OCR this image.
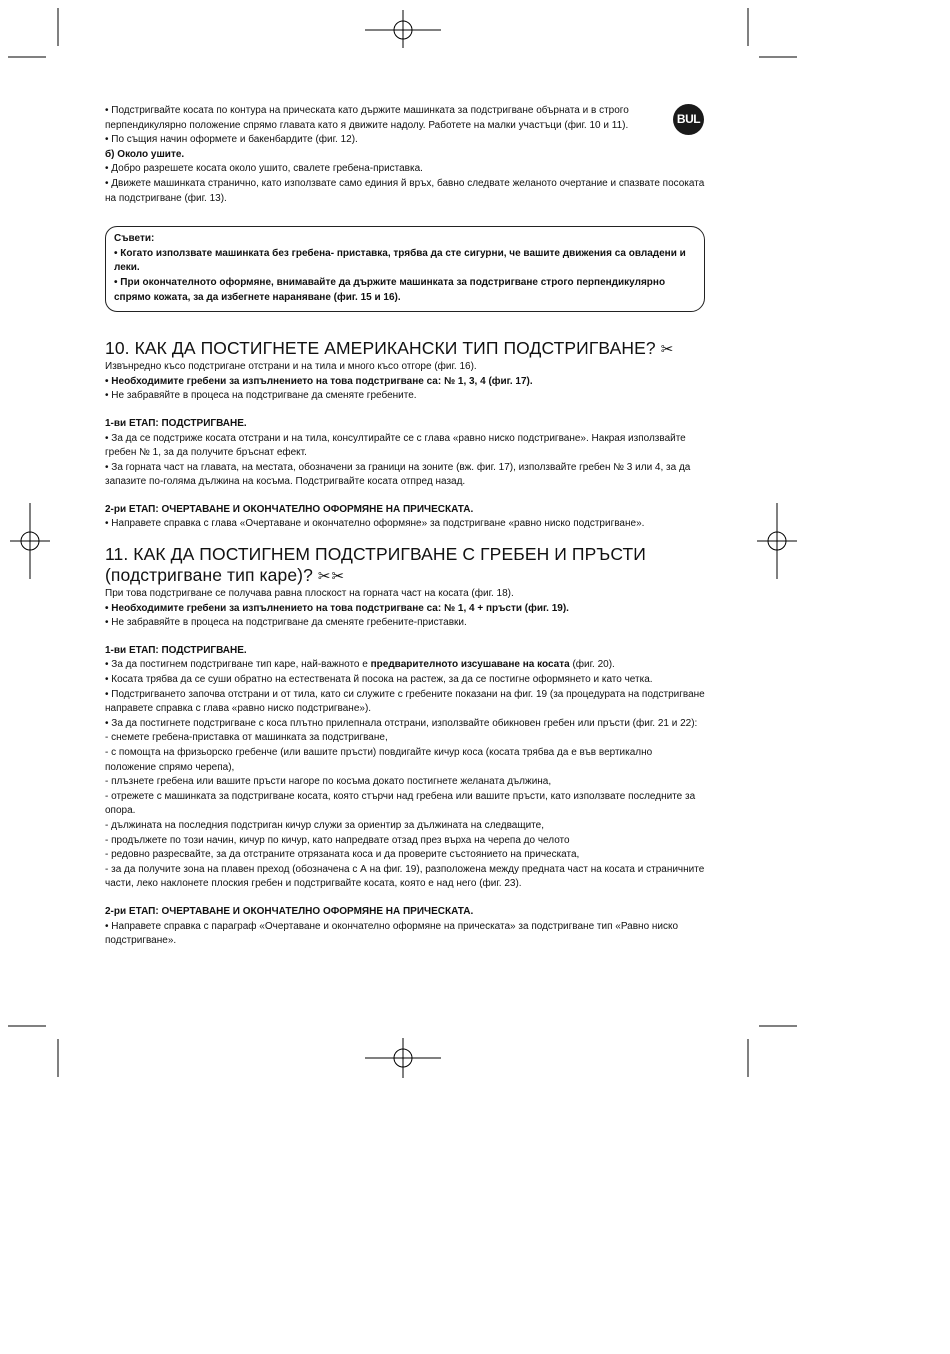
BUL

• Подстригвайте косата по контура на прическата като държите машинката за подстригване обърната и в строго перпендикулярно положение спрямо главата като я движите надолу. Работете на малки участъци (фиг. 10 и 11).

• По същия начин оформете и бакенбардите (фиг. 12).

б) Около ушите.

• Добро разрешете косата около ушито, свалете гребена-приставка.

• Движете машинката странично, като използвате само единия й връх, бавно следвате желаното очертание и спазвате посоката на подстригване (фиг. 13).

Съвети:

• Когато използвате машинката без гребена- приставка, трябва да сте сигурни, че вашите движения са овладени и леки.

• При окончателното оформяне, внимавайте да държите машинката за подстригване строго перпендикулярно спрямо кожата, за да избегнете нараняване (фиг. 15 и 16).

10. КАК ДА ПОСТИГНЕТЕ АМЕРИКАНСКИ ТИП ПОДСТРИГВАНЕ? ✂

Извънредно късо подстригане отстрани и на тила и много късо отгоре (фиг. 16).

• Необходимите гребени за изпълнението на това подстригване са: № 1, 3, 4 (фиг. 17).

• Не забравяйте в процеса на подстригване да сменяте гребените.

1-ви ЕТАП: ПОДСТРИГВАНЕ.

• За да се подстриже косата отстрани и на тила, консултирайте се с глава «равно ниско подстригване». Накрая използвайте гребен № 1, за да получите бръснат ефект.

• За горната част на главата, на местата, обозначени за граници на зоните (вж. фиг. 17), използвайте гребен № 3 или 4, за да запазите по-голяма дължина на косъма. Подстригвайте косата отпред назад.

2-ри ЕТАП: ОЧЕРТАВАНЕ И ОКОНЧАТЕЛНО ОФОРМЯНЕ НА ПРИЧЕСКАТА.

• Направете справка с глава «Очертаване и окончателно оформяне» за подстригване «равно ниско подстригване».

11. КАК ДА ПОСТИГНЕМ ПОДСТРИГВАНЕ С ГРЕБЕН И ПРЪСТИ
(подстригване тип каре)? ✂✂

При това подстригване се получава равна плоскост на горната част на косата (фиг. 18).

• Необходимите гребени за изпълнението на това подстригване са: № 1, 4 + пръсти (фиг. 19).

• Не забравяйте в процеса на подстригване да сменяте гребените-приставки.

1-ви ЕТАП: ПОДСТРИГВАНЕ.

• За да постигнем подстригване тип каре, най-важното е предварителното изсушаване на косата (фиг. 20).

• Косата трябва да се суши обратно на естествената й посока на растеж, за да се постигне оформянето и като четка.

• Подстригването започва отстрани и от тила, като си служите с гребените показани на фиг. 19 (за процедурата на подстригване направете справка с глава «равно ниско подстригване»).

• За да постигнете подстригване с коса плътно прилепнала отстрани, използвайте обикновен гребен или пръсти (фиг. 21 и 22):

- снемете гребена-приставка от машинката за подстригване,

- с помощта на фризьорско гребенче (или вашите пръсти) повдигайте кичур коса (косата трябва да е във вертикално положение спрямо черепа),

- плъзнете гребена или вашите пръсти нагоре по косъма докато постигнете желаната дължина,

- отрежете с машинката за подстригване косата, която стърчи над гребена или вашите пръсти, като използвате последните за опора.

- дължината на последния подстриган кичур служи за ориентир за дължината на следващите,

- продължете по този начин, кичур по кичур, като напредвате отзад през върха на черепа до челото

- редовно разресвайте, за да отстраните отрязаната коса и да проверите състоянието на прическата,

- за да получите зона на плавен преход (обозначена с А на фиг. 19), разположена между предната част на косата и страничните части, леко наклонете плоския гребен и подстригвайте косата, която е над него (фиг. 23).

2-ри ЕТАП: ОЧЕРТАВАНЕ И ОКОНЧАТЕЛНО ОФОРМЯНЕ НА ПРИЧЕСКАТА.

• Направете справка с параграф «Очертаване и окончателно оформяне на прическата» за подстригване тип «Равно ниско подстригване».
